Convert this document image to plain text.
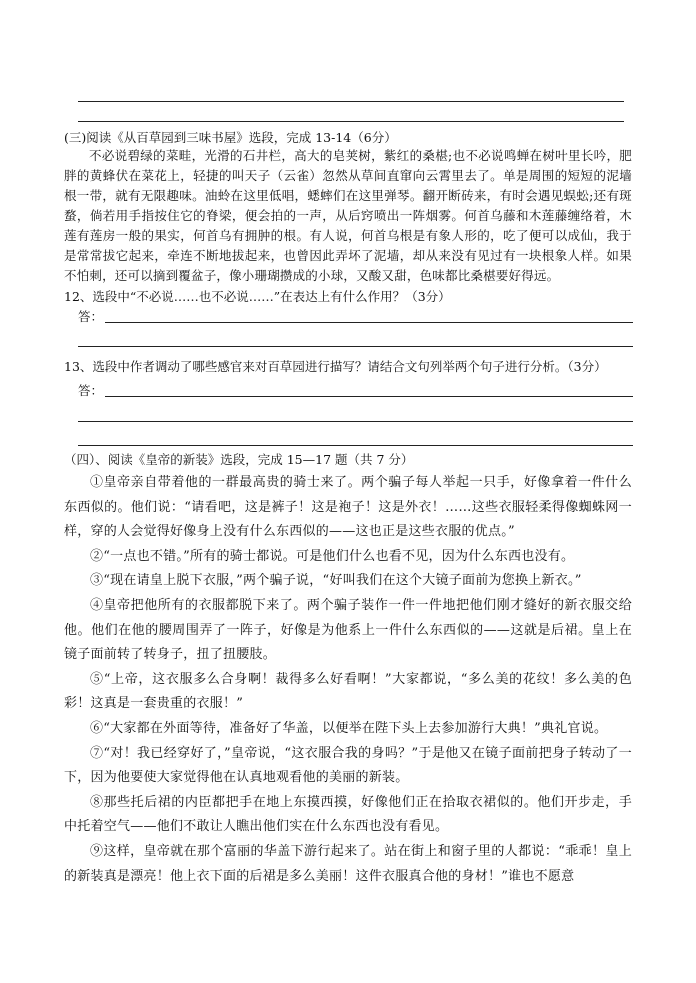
(三)阅读《从百草园到三味书屋》选段，完成 13-14（6分）

不必说碧绿的菜畦，光滑的石井栏，高大的皂荚树，紫红的桑椹;也不必说鸣蝉在树叶里长吟，肥胖的黄蜂伏在菜花上，轻捷的叫天子（云雀）忽然从草间直窜向云霄里去了。单是周围的短短的泥墙根一带，就有无限趣味。油蛉在这里低唱，蟋蟀们在这里弹琴。翻开断砖来，有时会遇见蜈蚣;还有斑蝥，倘若用手指按住它的脊梁，便会拍的一声，从后窍喷出一阵烟雾。何首乌藤和木莲藤缠络着，木莲有莲房一般的果实，何首乌有拥肿的根。有人说，何首乌根是有象人形的，吃了便可以成仙，我于是常常拔它起来，牵连不断地拔起来，也曾因此弄坏了泥墙，却从来没有见过有一块根象人样。如果不怕刺，还可以摘到覆盆子，像小珊瑚攒成的小球，又酸又甜，色味都比桑椹要好得远。

12、选段中“不必说……也不必说……”在表达上有什么作用？（3分）
答：
13、选段中作者调动了哪些感官来对百草园进行描写？请结合文句列举两个句子进行分析。（3分）
答：
（四）、阅读《皇帝的新装》选段，完成 15—17 题（共 7 分）

①皇帝亲自带着他的一群最高贵的骑士来了。两个骗子每人举起一只手，好像拿着一件什么东西似的。他们说：“请看吧，这是裤子！这是袍子！这是外衣！……这些衣服轻柔得像蜘蛛网一样，穿的人会觉得好像身上没有什么东西似的——这也正是这些衣服的优点。”

②“一点也不错。”所有的骑士都说。可是他们什么也看不见，因为什么东西也没有。

③“现在请皇上脱下衣服，”两个骗子说，“好叫我们在这个大镜子面前为您换上新衣。”

④皇帝把他所有的衣服都脱下来了。两个骗子装作一件一件地把他们刚才缝好的新衣服交给他。他们在他的腰周围弄了一阵子，好像是为他系上一件什么东西似的——这就是后裙。皇上在镜子面前转了转身子，扭了扭腰肢。

⑤“上帝，这衣服多么合身啊！裁得多么好看啊！”大家都说，“多么美的花纹！多么美的色彩！这真是一套贵重的衣服！”

⑥“大家都在外面等待，准备好了华盖，以便举在陛下头上去参加游行大典！”典礼官说。

⑦“对！我已经穿好了，”皇帝说，“这衣服合我的身吗？”于是他又在镜子面前把身子转动了一下，因为他要使大家觉得他在认真地观看他的美丽的新装。

⑧那些托后裙的内臣都把手在地上东摸西摸，好像他们正在拾取衣裙似的。他们开步走，手中托着空气——他们不敢让人瞧出他们实在什么东西也没有看见。

⑨这样，皇帝就在那个富丽的华盖下游行起来了。站在街上和窗子里的人都说：“乖乖！皇上的新装真是漂亮！他上衣下面的后裙是多么美丽！这件衣服真合他的身材！”谁也不愿意
